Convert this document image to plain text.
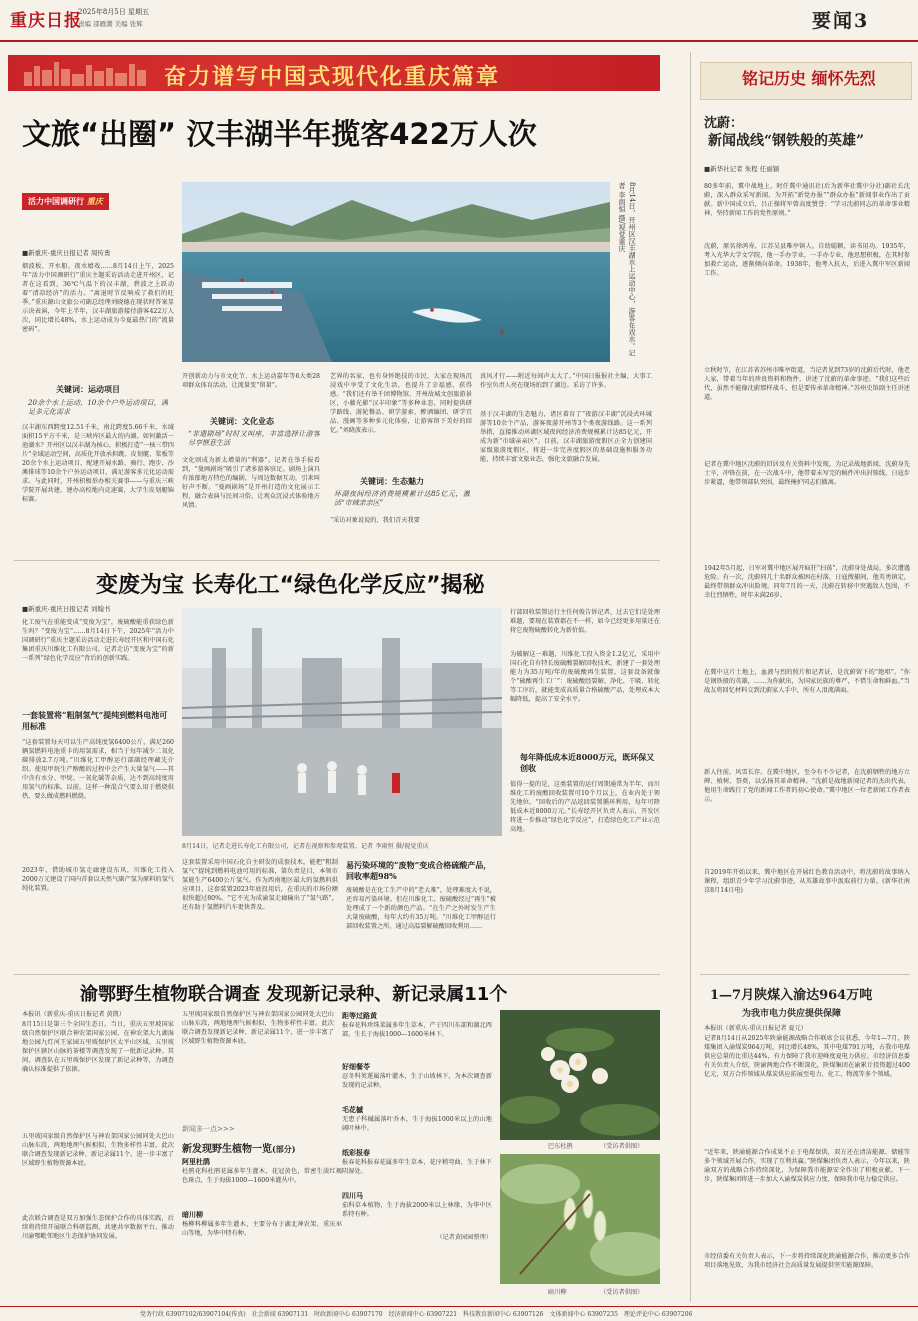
重庆日报
2025年8月5日 星期五
责编 邵雁潮 美编 张辉	要闻3
奋力谱写中国式现代化重庆篇章
文旅“出圈” 汉丰湖半年揽客422万人次
活力中国调研行 重庆
■新重庆-重庆日报记者 周传勇
烟波板、开水船、夜水嬉戏……8月14日上午，2025年“活力中国调研行”重庆主题采访活动走进开州区，记者在这看到，36℃气温下的汉丰湖，碧波之上跃动着“清凉经济”的活力。“离退时节反响成了救们的旺季。”重庆源山文旅公司副总经理刘晓德在现状时答案显示决表演，今年上半年，汉丰湖旅游接待游客422万人次，同比增长48%，水上运动成为今夏最热门的“流量密码”。
关键词：运动项目
20余个水上运动、10余个户外运动项目，满足多元化需求
汉丰湖东西跨度12.51千米，南北跨度5.66千米，水域面积15平方千米，是三峡库区最大的内湖。如何激活一池湖水？开州区以汉丰湖为核心，积极打造“一核三带四片”全域运动空间，高质化开放承担跳、皮划艇、桨板等20余个水上运动项目，配建开展水路、骑行、跑步、沙滩排球等10余个户外运动项目，满足游客多元化运动需求。与此同时，开州积极举办相关赛事——与重庆三峡学院开展共建，建办高校地内竞速赛，大学生皮划艇锦标赛。
8月14日，开州区汉丰湖水上运动中心，游客在戏水。记者 李雨恒 摄/视觉重庆
开创新动力与市文化节、水上运动嘉年等6大类28项群众体育活动，让流量变“留量”。
关键词：文化业态
“非遗剧场”时时又叫座，丰富选择让游客尽享惬意生活
文化则成为新太增量的“利器”。记者在举手报看到，“曼画剧场”吸引了诸多游客驻足。剧场上演具有浓郁地方特色的编剧，与周边数据互动，引来叫好声不断。“曼画剧场”是开州打造的文化展示工程，融合表演与民间习俗，让观众沉浸式体验地方风情。
艺界的名家，也有身怀绝技的市民，大家在现场沉浸戏中享受了文化生活，也提升了幸福感、获得感。“我们还有举千团博物馆、开州故城文创旅游景区，小藤光影“汉丰印象”等多种业态，同时提供研学路线、游轮餐品、研学游索、醉酒编团、研学宜品、漫画等多种多元化体验，让游客留下美好的回忆。”刘晓波表示。
关键词：生态魅力
环湖夜间经济消费规模累计达85亿元，激活“市域亲亲区”
“采访对象说说的，我们青天我要
真风才行——附近每间声太大了。”中国日报报社主编、大事工作室负责人亮在现场拍到了湖边。采访了许多。
基于汉丰湖的生态魅力，诸区着育了“夜游汉丰湖”沉浸式环城游等10余个产品，游客夜游开州等3个类夜游线路。这一系列举措，直接推动环湖区域夜间经济消费规模累计达85亿元，开成为新“市域亲亲区”。目前，汉丰湖旅游度假区正全力创建国家级旅游度假区，将进一步完善度假区的基础设施和服务功能，持续丰富文旅业态，强化文旅融合发展。
变废为宝 长寿化工“绿色化学反应”揭秘
■新重庆-重庆日报记者 刘翰书
化工废气在重能变成“变废为宝”，废硫酸能重获绿色新生吗？“变废为宝”……8月14日下午，2025年“活力中国调研行”重庆主题采访活动走进长寿经开区和中国石化集团重庆川维化工有限公司，记者走访“变废为宝”的新一系列“绿色化学反应”背后的创新实践。
一套装置将“粗制氢气”提纯到燃料电池可用标准
“这套装置每天可以生产高纯度氢6400公斤，满足260辆氢燃料电池重卡的用氢需求，相当于每年减少二氧化碳排放2.7万吨。”川维化工甲醇运行部副经理藏先介绍。使用甲烷生产醇酸的过程中会产生大量氢气——其中含有水分、甲烷、一氧化碳等杂质，达不到高纯度用用氢气的标准。以前，这样一种混合气要么用于燃烧供热，要么做成燃料燃烧。
2023年，借助城市氢走廊建设东风，川维化工投入2000万元建设了国内首套以天然气副产氢为原料的氢气纯化装置。
8月14日，记者走进长寿化工有限公司，记者在视察和参观装置。记者 李雨恒 摄/视觉重庆
这套装置采用中国石化自主研发的成套技术，能把“粗制氢气”提纯到燃料电池可用的标准，第负责是目，本领市氢能生产6400公斤氢气。作为西南地区最大的氢燃料供应项目，这套装置2023年底投用后，在重庆的市场份额很快超过80%。“它不光为成渝氢走廊输出了“氢气路”，还有助于氢燃料汽车更快普及。
易污染环境的“废物”变成合格硫酸产品，回收率超98%
废硫酸是在化工生产中的“老大难”，处理难度大不说，还容易污染环境。但在川维化工，废硫酸经过“再生”被处理成了一个新的颜色产品。“在生产之外时发生产生大量废硫酸，每年大约有35万吨。“川维化工甲醇运行部回收装置之所，通过高温裂解硫酸回收利用……
行部回收装置运行主任何俊告诉记者，过去它们是处理难题，要现在装置都在不一样，如今已经更多用量还在将它废物硫酸转化为新价值。
为破解这一难题，川维化工投入资金1.2亿元，采用中国石化自有特长废硫酸裂解回收技术，新建了一套处理能力为35万吨/年的废硫酸再生装置。这套设备就像个“硫酸再生工厂”：废硫酸经裂解、净化、干吸、转化等工序后，就能变成高质量合格硫酸产品，处理成本大幅降低，提高了安全水平。
每年降低成本近8000万元，既环保又创收
值得一提的是，这类装置的运行周期通常为半年，而川维化工的废酸回收装置可10个月以上，在业内处于领先地位。“回收后的产品返回装置循环利用，每年可降低成本近8000万元。”长寿经开区负责人表示，开发区将进一步推动“绿色化学反应”，打造绿色化工产业示范高地。
渝鄂野生植物联合调查 发现新记录种、新记录属11个
本报讯（新重庆-重庆日报记者 黄凯）
8月15日是第三个全国生态日。当日，重庆五里坡国家级自然保护区联合神农架国家公园，在神农架大九湖湿地公园九灯河王家园五里坡保护区太平山区域、五里坡保护区辖区山脉的茶楼等调查发现了一批新记录种。其间，调查队在五里坡保护区发现了新记录种等，为调查确认标准提供了依据。
五里坡国家级自然保护区与神农架国家公园同处大巴山山脉东段，两地地理气候相似，生物多样性丰富。此次联合调查发现新记录种、新记录属11个，进一步丰富了区域野生植物资源本底。
此次联合调查是双方加强生态保护合作的具体实践，后续将持续开展联合科研监测、共建共享数据平台，推动川渝鄂毗邻地区生态保护协同发展。
五里坡国家级自然保护区与神农架国家公园同处大巴山山脉东段，两地地理气候相似，生物多样性丰富。此次联合调查发现新记录种、新记录属11个，进一步丰富了区域野生植物资源本底。
新闻多一点>>>
新发现野生植物一览(部分)
阿里杜鹃
杜鹃花科杜鹃花属多年生灌木，花冠黄色，常密生淡红褐色斑点，生于海拔1000—1600米灌丛中。
暗川柳
杨柳科柳属多年生灌木，主要分布于湖北神农架、重庆巫山等地，为华中特有种。
距等过路黄
报春花科珍珠菜属多年生草本，产于四川东部和湖北西部，生长于海拔1000—1600米林下。
好细餐苓
忍冬科荚蒾属落叶灌木，生于山坡林下，为本次调查新发现的记录种。
毛花槭
无患子科槭属落叶乔木，生于海拔1000米以上的山地阔叶林中。
纸彩报春
报春花科报春花属多年生草本，花序稍弯曲，生于林下阴湿处。
四川马
茄科草本植物，生于海拔2000米以上林缘，为华中区系特有种。
（记者黄园园整理）
巴东杜鹃	（受访者供图）
暗川柳	（受访者供图）
铭记历史 缅怀先烈
沈蔚：
新闻战线“钢铁般的英雄”
■新华社记者 朱程 任丽颖
80多年前，冀中战地上，时任冀中通讯社(后为新华社冀中分社)副社长沈蔚，深入群众采写新闻，为开拓“新党办报”“群众办报”新闻事业作出了贡献。新中国成立后，吕正操将军曾高度赞誉：“学习沈蔚同志的革命事业精神，坚持新闻工作的党性原则。”
沈蔚，原名徐鸿寿，江苏吴县唯亭镇人。自幼聪颖，读书用功。1935年，考入光华大学文学院，他一手办学业，一手办专业，他思想积极，在其时参加救亡运动，逐渐倾向革命。1938年，他考入抗大，后进入冀中军区新闻工作。
立秋时节，在江苏省苏州市唯亭街道，当记者见到73岁的沈蔚后代时，他老人家，带着当年的珍贵资料和物件，讲述了沈蔚的革命事迹。“我们这些后代，虽然不能像沈蔚那样战斗，但是要传承革命精神。”苏州史馆副主任讲述道。
记者在冀中地区沈蔚的旧居及有关资料中发现，为记录战地新闻，沈蔚身先士卒，冲锋在前，在一次战斗中，他带着未写完的稿件冲出封锁线，日寇步步紧逼，他带领部队突围，最终掩护同志们撤离。
1942年5月起，日军对冀中地区展开疯狂“扫荡”，沈蔚身处战局，多次遭遇危险。有一次，沈蔚同几十名群众被困在村落，日寇搜捕间，他英勇镇定，最终带领群众冲出险境。同年7月的一天，沈蔚在转移中突遇敌人包围，不幸壮烈牺牲，时年未满26岁。
在冀中这片土地上，血液与烈的照片和记者证，是沈蔚留下的“绝唱”。“你是钢铁般的英雄，……为你献出，为国家民族的尊严，不惜生命和鲜血。”当战友将回忆材料交到沈蔚家人手中，所有人泪流满面。
新人往前，风雪长存。在冀中地区，至今有不少记者，在沈蔚牺牲的地方立碑、植树、祭奠，以弘扬其革命精神。“沈蔚是战地新闻记者的杰出代表，他用生命践行了党的新闻工作者的初心使命。”冀中地区一位老新闻工作者表示。
自2019年开始以来，冀中地区在开展红色教育活动中，将沈蔚的故事纳入课程，组织青少年学习沈蔚事迹，从英雄故事中汲取前行力量。(新华社南京8月14日电)
1—7月陕煤入渝达964万吨
为我市电力供应提供保障
本报讯（新重庆-重庆日报记者 夏元）
记者8月14日从2025年陕渝能源战略合作联席会议获悉，今年1—7月，陕煤集团入渝煤炭964万吨，同比增长48%，其中电煤791万吨，占我市电煤供应总量的比重达44%，有力保障了我市迎峰度夏电力供应。市经济信息委有关负责人介绍，陕渝两地合作不断深化，陕煤集团在渝累计投资超过400亿元，双方合作领域从煤炭供应拓展至电力、化工、物流等多个领域。
“近年来，陕渝能源合作成果不止于电煤保供，双方还在清洁能源、储能等多个领域开展合作，实现了互利共赢。”陕煤集团负责人表示，今年以来，陕渝双方的战略合作持续深化，为保障我市能源安全作出了积极贡献。下一步，陕煤集团将进一步加大入渝煤炭供应力度，保障我市电力稳定供应。
市经信委有关负责人表示，下一步将持续深化陕渝能源合作，推动更多合作项目落地见效，为我市经济社会高质量发展提供坚实能源保障。
党务行政 63907102/63907104(传真)　社会新闻 63907131　时政新闻中心 63907170　经济新闻中心 63907221　科技教育新闻中心 63907126　文体新闻中心 63907235　理论评论中心 63907206
